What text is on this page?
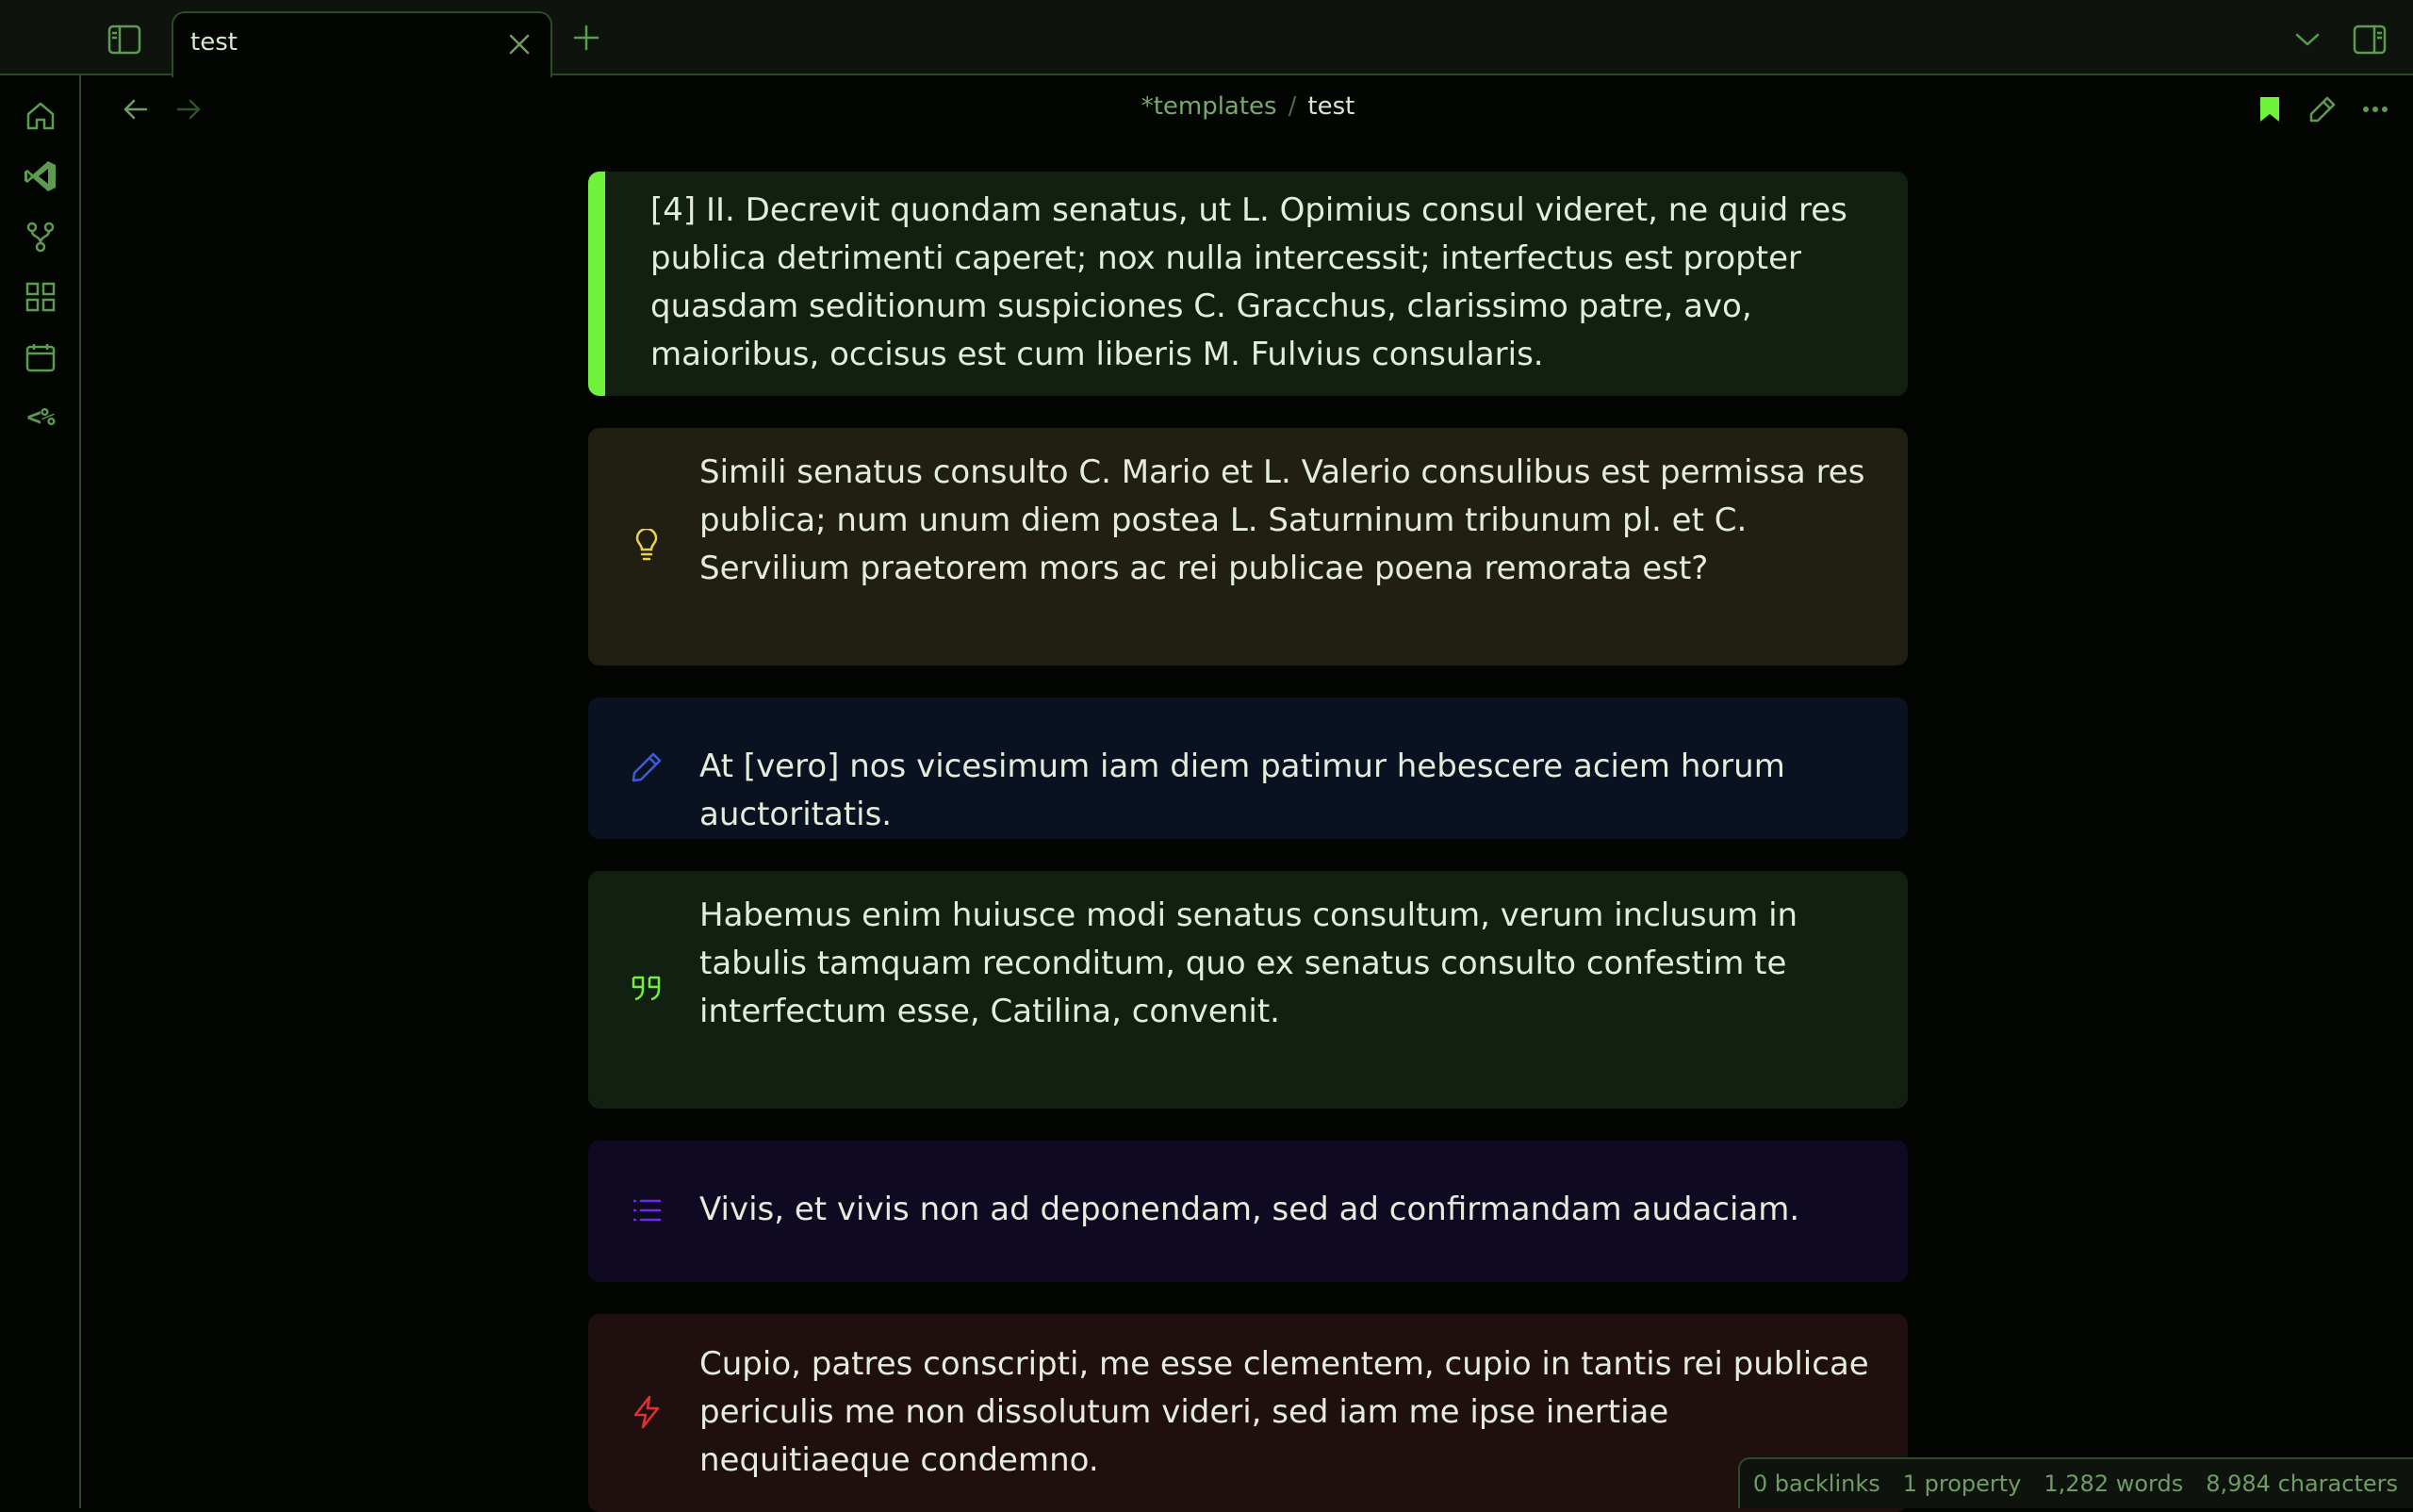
test
<%
*templates / test
[4] II. Decrevit quondam senatus, ut L. Opimius consul videret, ne quid res publica detrimenti caperet; nox nulla intercessit; interfectus est propter quasdam seditionum suspiciones C. Gracchus, clarissimo patre, avo, maioribus, occisus est cum liberis M. Fulvius consularis.
Simili senatus consulto C. Mario et L. Valerio consulibus est permissa res publica; num unum diem postea L. Saturninum tribunum pl. et C. Servilium praetorem mors ac rei publicae poena remorata est?
At [vero] nos vicesimum iam diem patimur hebescere aciem horum auctoritatis.
Habemus enim huiusce modi senatus consultum, verum inclusum in tabulis tamquam reconditum, quo ex senatus consulto confestim te interfectum esse, Catilina, convenit.
Vivis, et vivis non ad deponendam, sed ad confirmandam audaciam.
Cupio, patres conscripti, me esse clementem, cupio in tantis rei publicae periculis me non dissolutum videri, sed iam me ipse inertiae nequitiaeque condemno.
0 backlinks 1 property 1,282 words 8,984 characters
